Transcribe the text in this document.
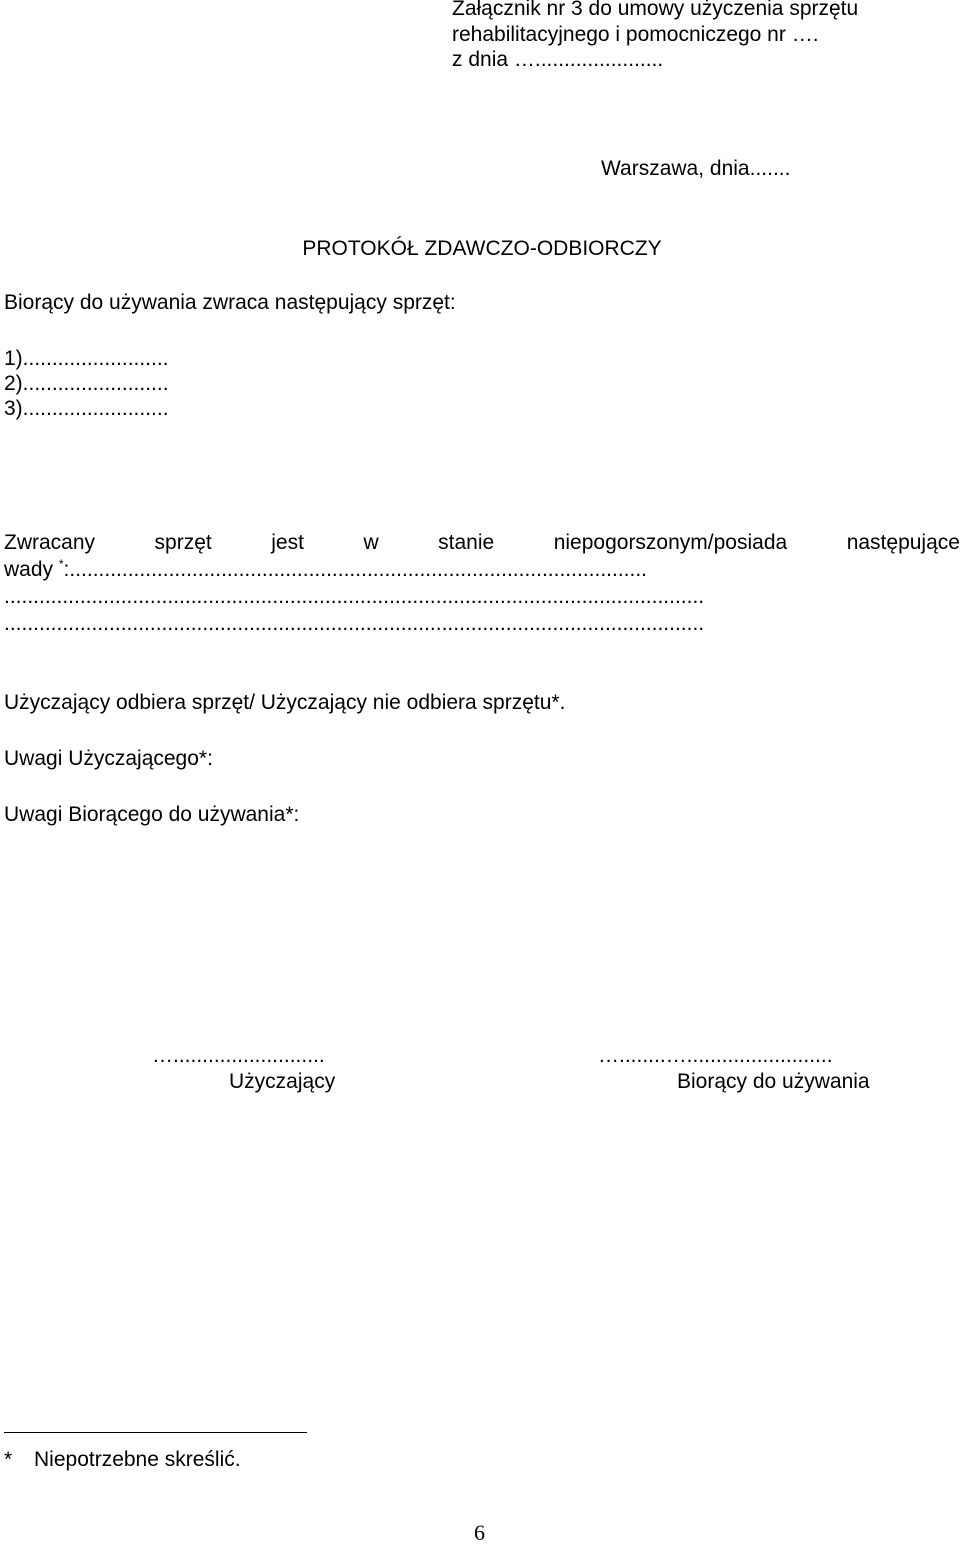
Załącznik nr 3 do umowy użyczenia sprzętu
rehabilitacyjnego i pomocniczego nr ….
z dnia …......................
Warszawa, dnia.......
PROTOKÓŁ ZDAWCZO-ODBIORCZY
Biorący do używania zwraca następujący sprzęt:
1).........................
2).........................
3).........................
Zwracany	sprzęt	jest	w	stanie	niepogorszonym/posiada	następujące
wady *:...................................................................................................
........................................................................................................................
........................................................................................................................
Użyczający odbiera sprzęt/ Użyczający nie odbiera sprzętu*.
Uwagi Użyczającego*:
Uwagi Biorącego do używania*:
…..........................
Użyczający
…........….........................
Biorący do używania
* Niepotrzebne skreślić.
6
